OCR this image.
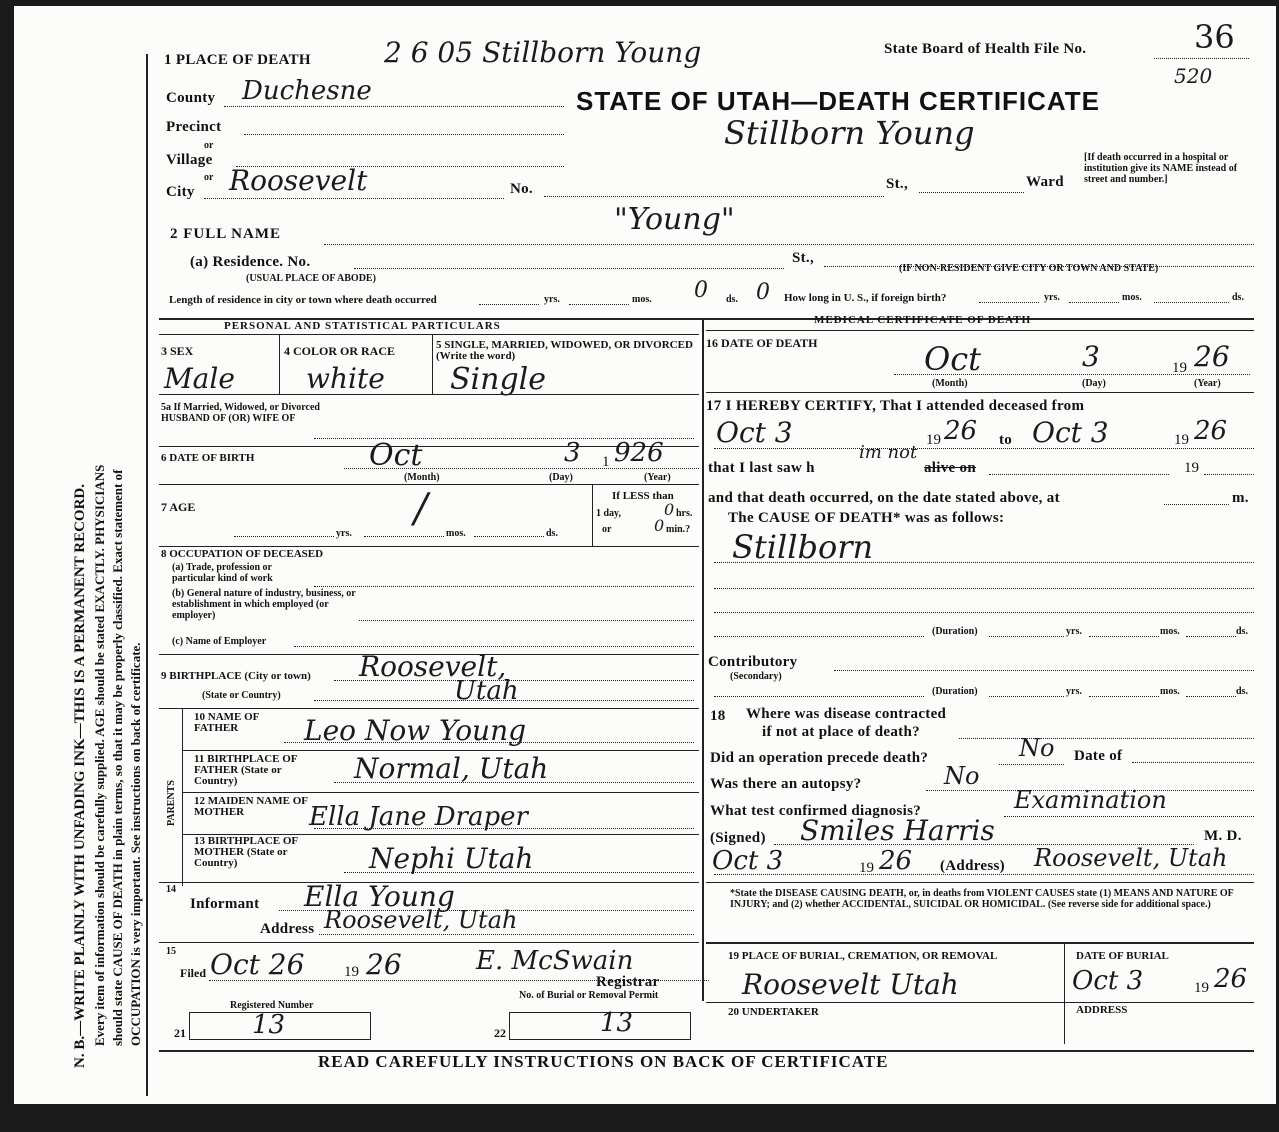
N. B.—WRITE PLAINLY WITH UNFADING INK—THIS IS A PERMANENT RECORD. Every item of information should be carefully supplied. AGE should be stated EXACTLY. PHYSICIANS should state CAUSE OF DEATH in plain terms, so that it may be properly classified. Exact statement of OCCUPATION is very important. See instructions on back of certificate.
1 PLACE OF DEATH	2 6 05 Stillborn Young	State Board of Health File No.	36
520
STATE OF UTAH—DEATH CERTIFICATE
Stillborn Young
County Duchesne
Precinct
or
Village
or
City Roosevelt	No.	St.,	Ward
[If death occurred in a hospital or institution give its NAME instead of street and number.]
2 FULL NAME	"Young"
(a) Residence. No.
(USUAL PLACE OF ABODE)
St.,
(IF NON-RESIDENT GIVE CITY OR TOWN AND STATE)
Length of residence in city or town where death occurred	yrs.	mos. 0 ds. 0 How long in U. S., if foreign birth?	yrs.	mos.	ds.
PERSONAL AND STATISTICAL PARTICULARS	MEDICAL CERTIFICATE OF DEATH
3 SEX
Male
4 COLOR OR RACE
white
5 SINGLE, MARRIED, WIDOWED, OR DIVORCED (Write the word)
Single
5a If Married, Widowed, or Divorced HUSBAND OF (OR) WIFE OF
6 DATE OF BIRTH	Oct	3 1 926
(Month)	(Day)	(Year)
7 AGE	/
yrs.	mos.	ds.
If LESS than
1 day,	0 hrs.
or	0 min.?
8 OCCUPATION OF DECEASED
(a) Trade, profession or particular kind of work
(b) General nature of industry, business, or establishment in which employed (or employer)
(c) Name of Employer
9 BIRTHPLACE (City or town) Roosevelt,
(State or Country)	Utah
PARENTS
10 NAME OF FATHER	Leo Now Young
11 BIRTHPLACE OF FATHER (State or Country)	Normal, Utah
12 MAIDEN NAME OF MOTHER	Ella Jane Draper
13 BIRTHPLACE OF MOTHER (State or Country)	Nephi Utah
14
Informant Ella Young
Address Roosevelt, Utah
15
Filed Oct 26	19 26	E. McSwain
Registrar
Registered Number
21	13
No. of Burial or Removal Permit
22	13
16 DATE OF DEATH	Oct	3	19 26
(Month)	(Day)	(Year)
17 I HEREBY CERTIFY, That I attended deceased from
Oct 3	19 26 to Oct 3	19 26
that I last saw h
im not
alive on	19
and that death occurred, on the date stated above, at	m.
The CAUSE OF DEATH* was as follows:
Stillborn
(Duration)	yrs.	mos.	ds.
Contributory
(Secondary)
(Duration)	yrs.	mos.	ds.
18 Where was disease contracted
if not at place of death?
Did an operation precede death?	No Date of
Was there an autopsy?	No
What test confirmed diagnosis?	Examination
(Signed) Smiles Harris	M. D.
Oct 3	19 26 (Address) Roosevelt, Utah
*State the DISEASE CAUSING DEATH, or, in deaths from VIOLENT CAUSES state (1) MEANS AND NATURE OF INJURY; and (2) whether ACCIDENTAL, SUICIDAL OR HOMICIDAL. (See reverse side for additional space.)
19 PLACE OF BURIAL, CREMATION, OR REMOVAL
Roosevelt Utah
DATE OF BURIAL
Oct 3	19 26
20 UNDERTAKER	ADDRESS
READ CAREFULLY INSTRUCTIONS ON BACK OF CERTIFICATE
